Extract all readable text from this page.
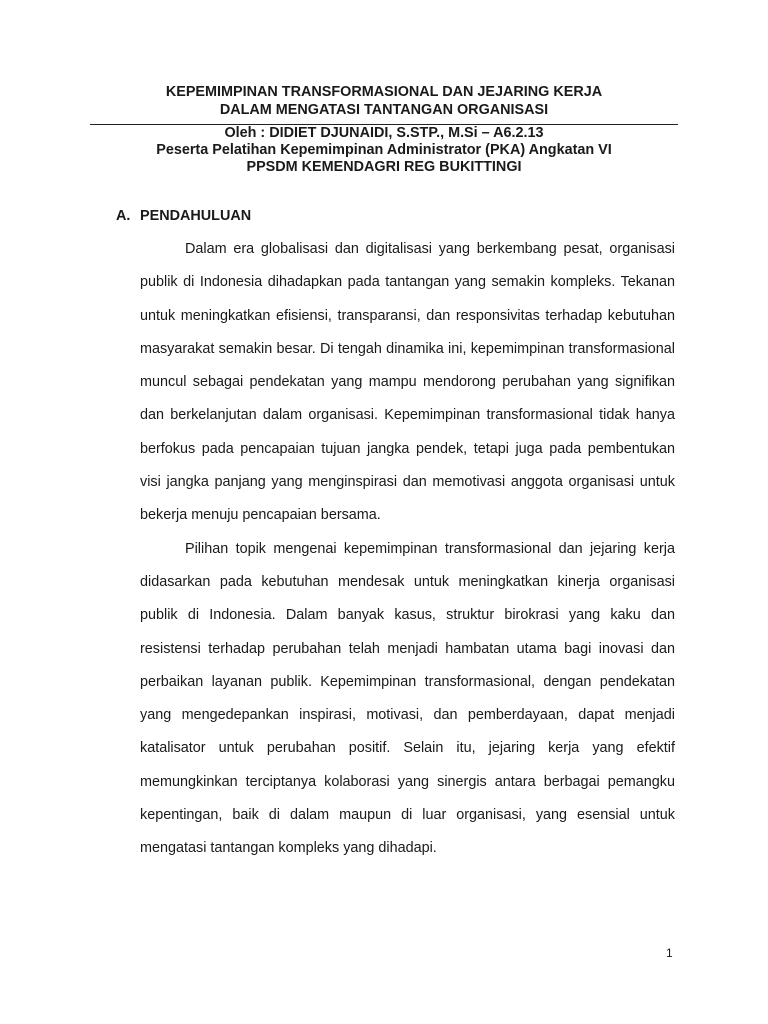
KEPEMIMPINAN TRANSFORMASIONAL DAN JEJARING KERJA
DALAM MENGATASI TANTANGAN ORGANISASI
Oleh : DIDIET DJUNAIDI, S.STP., M.Si – A6.2.13
Peserta Pelatihan Kepemimpinan Administrator (PKA) Angkatan VI
PPSDM KEMENDAGRI REG BUKITTINGI
A. PENDAHULUAN

Dalam era globalisasi dan digitalisasi yang berkembang pesat, organisasi publik di Indonesia dihadapkan pada tantangan yang semakin kompleks. Tekanan untuk meningkatkan efisiensi, transparansi, dan responsivitas terhadap kebutuhan masyarakat semakin besar. Di tengah dinamika ini, kepemimpinan transformasional muncul sebagai pendekatan yang mampu mendorong perubahan yang signifikan dan berkelanjutan dalam organisasi. Kepemimpinan transformasional tidak hanya berfokus pada pencapaian tujuan jangka pendek, tetapi juga pada pembentukan visi jangka panjang yang menginspirasi dan memotivasi anggota organisasi untuk bekerja menuju pencapaian bersama.

Pilihan topik mengenai kepemimpinan transformasional dan jejaring kerja didasarkan pada kebutuhan mendesak untuk meningkatkan kinerja organisasi publik di Indonesia. Dalam banyak kasus, struktur birokrasi yang kaku dan resistensi terhadap perubahan telah menjadi hambatan utama bagi inovasi dan perbaikan layanan publik. Kepemimpinan transformasional, dengan pendekatan yang mengedepankan inspirasi, motivasi, dan pemberdayaan, dapat menjadi katalisator untuk perubahan positif. Selain itu, jejaring kerja yang efektif memungkinkan terciptanya kolaborasi yang sinergis antara berbagai pemangku kepentingan, baik di dalam maupun di luar organisasi, yang esensial untuk mengatasi tantangan kompleks yang dihadapi.

1
